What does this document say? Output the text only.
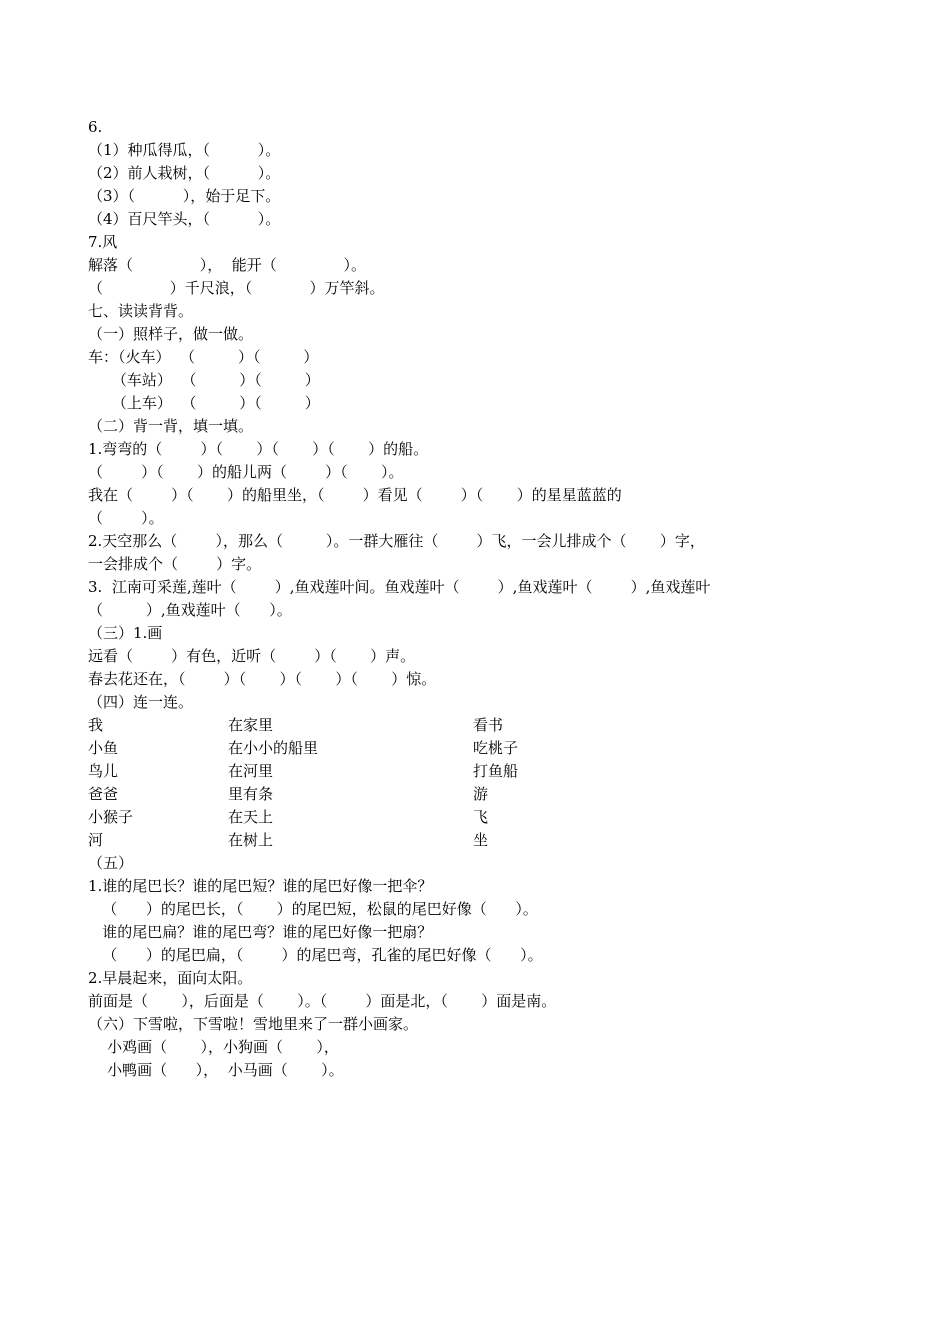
6.
（1）种瓜得瓜，（          ）。
（2）前人栽树，（          ）。
（3）（          ），始于足下。
（4）百尺竿头，（          ）。
7.风
解落（              ），  能开（              ）。
（              ）千尺浪，（            ）万竿斜。
七、读读背背。
（一）照样子，做一做。
车：（火车）  （         ）（         ）
（车站）  （         ）（         ）
（上车）  （         ）（         ）
（二）背一背，填一填。
1.弯弯的（        ）（       ）（       ）（       ）的船。
（        ）（       ）的船儿两（        ）（       ）。
我在（        ）（       ）的船里坐，（        ）看见（        ）（       ）的星星蓝蓝的
（        ）。
2.天空那么（        ），那么（         ）。一群大雁往（        ）飞，一会儿排成个（       ）字，
一会排成个（        ）字。
3.  江南可采莲,莲叶（        ）,鱼戏莲叶间。鱼戏莲叶（        ）,鱼戏莲叶（        ）,鱼戏莲叶
（         ）,鱼戏莲叶（      ）。
（三）1.画
远看（        ）有色，近听（        ）（       ）声。
春去花还在，（        ）（       ）（       ）（       ）惊。
（四）连一连。
我
小鱼
鸟儿
爸爸
小猴子
河
在家里
在小小的船里
在河里
里有条
在天上
在树上
看书
吃桃子
打鱼船
游
飞
坐
（五）
1.谁的尾巴长？谁的尾巴短？谁的尾巴好像一把伞？
（      ）的尾巴长，（       ）的尾巴短，松鼠的尾巴好像（      ）。
谁的尾巴扁？谁的尾巴弯？谁的尾巴好像一把扇？
（      ）的尾巴扁，（        ）的尾巴弯，孔雀的尾巴好像（      ）。
2.早晨起来，面向太阳。
前面是（       ），后面是（       ）。（        ）面是北，（       ）面是南。
（六）下雪啦，下雪啦！雪地里来了一群小画家。
小鸡画（       ），小狗画（       ），
小鸭画（      ），  小马画（       ）。
